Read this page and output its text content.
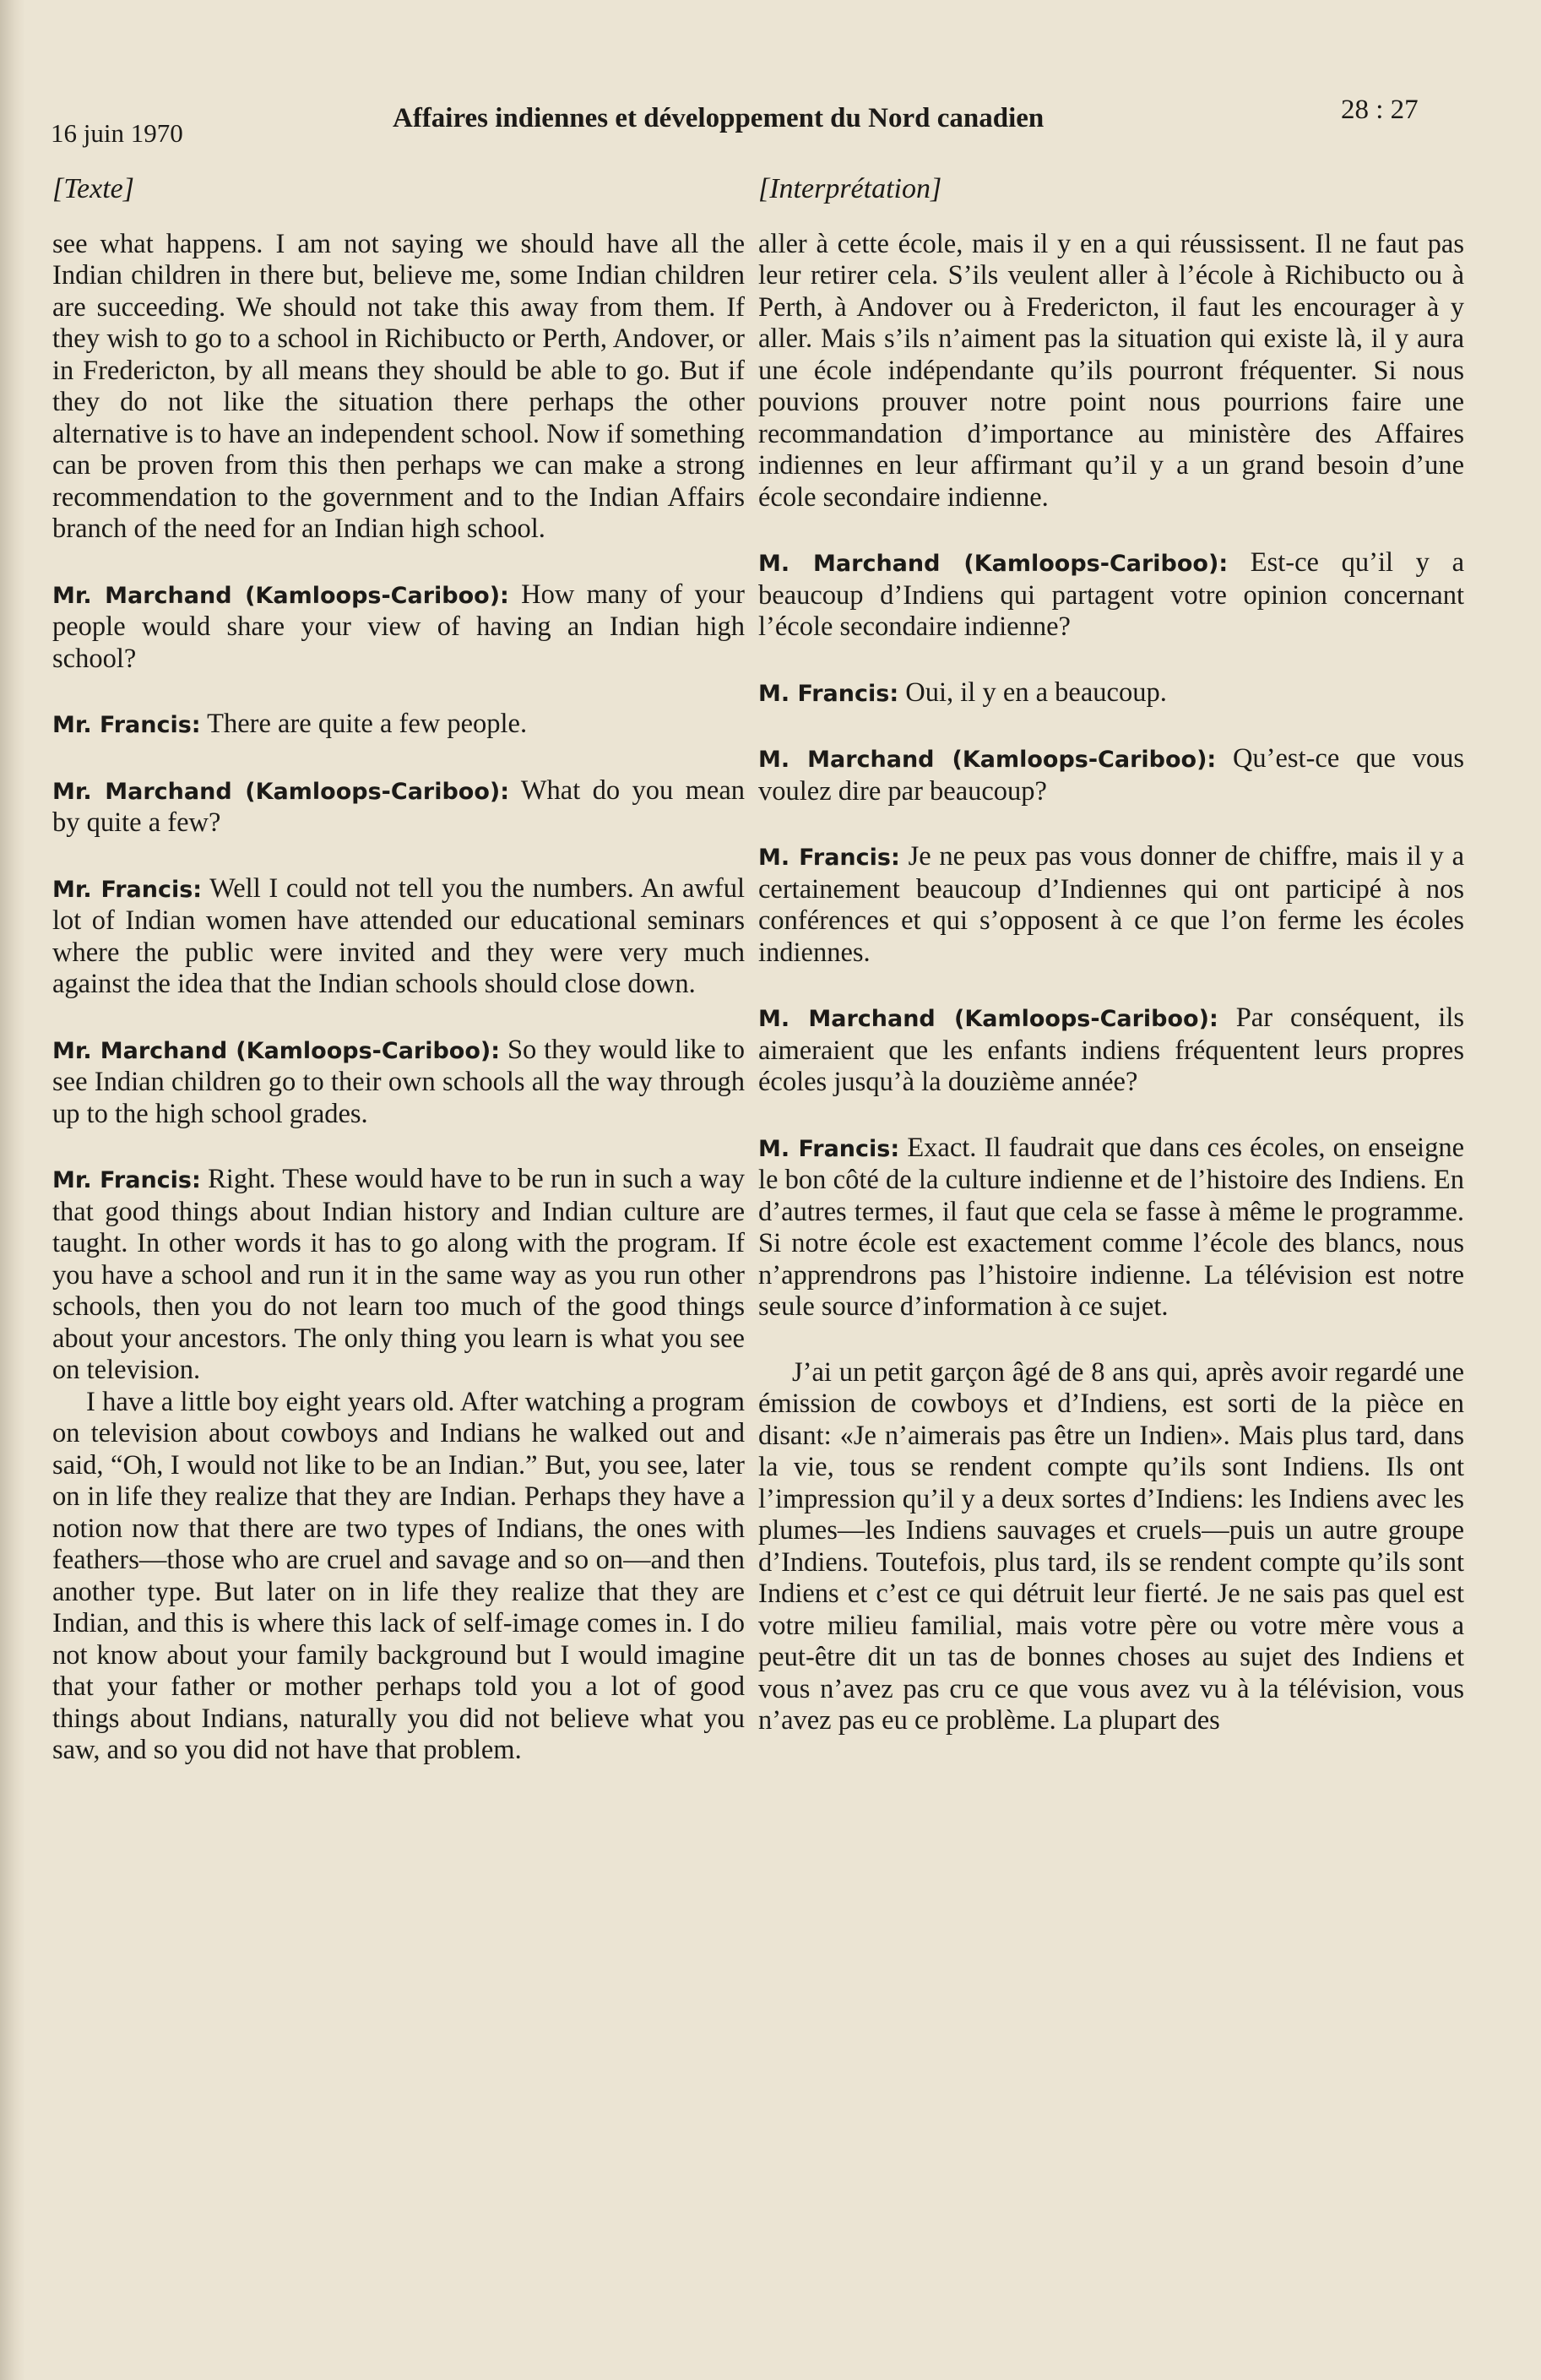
16 juin 1970	Affaires indiennes et développement du Nord canadien	28 : 27
[Texte]

see what happens. I am not saying we should have all the Indian children in there but, believe me, some Indian children are succeeding. We should not take this away from them. If they wish to go to a school in Richibucto or Perth, Andover, or in Fredericton, by all means they should be able to go. But if they do not like the situation there perhaps the other alternative is to have an independent school. Now if something can be proven from this then perhaps we can make a strong recommendation to the government and to the Indian Affairs branch of the need for an Indian high school.

Mr. Marchand (Kamloops-Cariboo): How many of your people would share your view of having an Indian high school?

Mr. Francis: There are quite a few people.

Mr. Marchand (Kamloops-Cariboo): What do you mean by quite a few?

Mr. Francis: Well I could not tell you the numbers. An awful lot of Indian women have attended our educational seminars where the public were invited and they were very much against the idea that the Indian schools should close down.

Mr. Marchand (Kamloops-Cariboo): So they would like to see Indian children go to their own schools all the way through up to the high school grades.

Mr. Francis: Right. These would have to be run in such a way that good things about Indian history and Indian culture are taught. In other words it has to go along with the program. If you have a school and run it in the same way as you run other schools, then you do not learn too much of the good things about your ancestors. The only thing you learn is what you see on television.

I have a little boy eight years old. After watching a program on television about cowboys and Indians he walked out and said, “Oh, I would not like to be an Indian.” But, you see, later on in life they realize that they are Indian. Perhaps they have a notion now that there are two types of Indians, the ones with feathers—those who are cruel and savage and so on—and then another type. But later on in life they realize that they are Indian, and this is where this lack of self-image comes in. I do not know about your family background but I would imagine that your father or mother perhaps told you a lot of good things about Indians, naturally you did not believe what you saw, and so you did not have that problem.

[Interprétation]

aller à cette école, mais il y en a qui réussissent. Il ne faut pas leur retirer cela. S’ils veulent aller à l’école à Richibucto ou à Perth, à Andover ou à Fredericton, il faut les encourager à y aller. Mais s’ils n’aiment pas la situation qui existe là, il y aura une école indépendante qu’ils pourront fréquenter. Si nous pouvions prouver notre point nous pourrions faire une recommandation d’importance au ministère des Affaires indiennes en leur affirmant qu’il y a un grand besoin d’une école secondaire indienne.

M. Marchand (Kamloops-Cariboo): Est-ce qu’il y a beaucoup d’Indiens qui partagent votre opinion concernant l’école secondaire indienne?

M. Francis: Oui, il y en a beaucoup.

M. Marchand (Kamloops-Cariboo): Qu’est-ce que vous voulez dire par beaucoup?

M. Francis: Je ne peux pas vous donner de chiffre, mais il y a certainement beaucoup d’Indiennes qui ont participé à nos conférences et qui s’opposent à ce que l’on ferme les écoles indiennes.

M. Marchand (Kamloops-Cariboo): Par conséquent, ils aimeraient que les enfants indiens fréquentent leurs propres écoles jusqu’à la douzième année?

M. Francis: Exact. Il faudrait que dans ces écoles, on enseigne le bon côté de la culture indienne et de l’histoire des Indiens. En d’autres termes, il faut que cela se fasse à même le programme. Si notre école est exactement comme l’école des blancs, nous n’apprendrons pas l’histoire indienne. La télévision est notre seule source d’information à ce sujet.

J’ai un petit garçon âgé de 8 ans qui, après avoir regardé une émission de cowboys et d’Indiens, est sorti de la pièce en disant: «Je n’aimerais pas être un Indien». Mais plus tard, dans la vie, tous se rendent compte qu’ils sont Indiens. Ils ont l’impression qu’il y a deux sortes d’Indiens: les Indiens avec les plumes—les Indiens sauvages et cruels—puis un autre groupe d’Indiens. Toutefois, plus tard, ils se rendent compte qu’ils sont Indiens et c’est ce qui détruit leur fierté. Je ne sais pas quel est votre milieu familial, mais votre père ou votre mère vous a peut-être dit un tas de bonnes choses au sujet des Indiens et vous n’avez pas cru ce que vous avez vu à la télévision, vous n’avez pas eu ce problème. La plupart des
